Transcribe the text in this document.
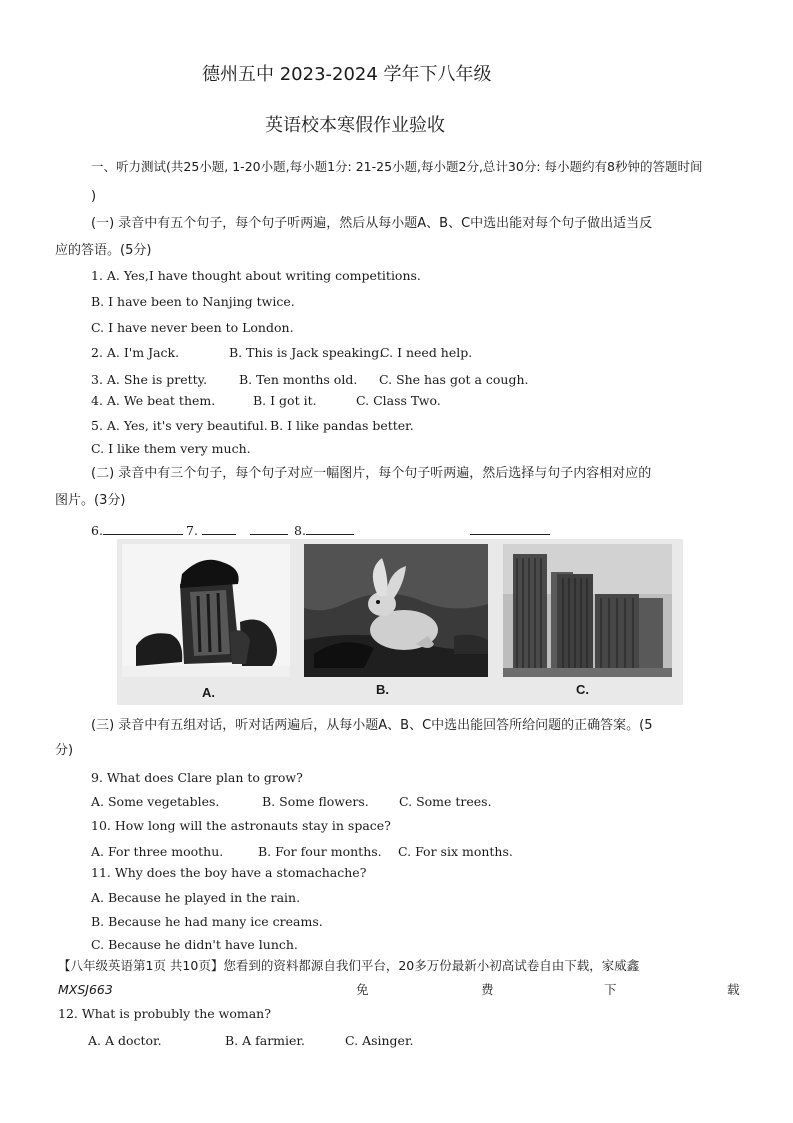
德州五中 2023-2024 学年下八年级
英语校本寒假作业验收
一、听力测试(共25小题, 1-20小题,每小题1分: 21-25小题,每小题2分,总计30分: 每小题约有8秒钟的答题时间
)
(一) 录音中有五个句子，每个句子听两遍，然后从每小题A、B、C中选出能对每个句子做出适当反
应的答语。(5分)
1. A. Yes,I have thought about writing competitions.
B. I have been to Nanjing twice.
C. I have never been to London.
2. A. I'm Jack.	B. This is Jack speaking.
C. I need help.
3. A. She is pretty.	B. Ten months old. C. She has got a cough.
4. A. We beat them.	B. I got it.	C. Class Two.
5. A. Yes, it's very beautiful. B. I like pandas better.
C. I like them very much.
(二) 录音中有三个句子，每个句子对应一幅图片，每个句子听两遍，然后选择与句子内容相对应的
图片。(3分)
6.	7.	8.
A.	B.	C.
(三) 录音中有五组对话，听对话两遍后，从每小题A、B、C中选出能回答所给问题的正确答案。(5
分)
9. What does Clare plan to grow?
A. Some vegetables.	B. Some flowers. C. Some trees.
10. How long will the astronauts stay in space?
A. For three moothu.	B. For four months. C. For six months.
11. Why does the boy have a stomachache?
A. Because he played in the rain.
B. Because he had many ice creams.
C. Because he didn't have lunch.
【八年级英语第1页 共10页】您看到的资料都源自我们平台，20多万份最新小初高试卷自由下载，家威鑫
MXSJ663	免	费	下	载
12. What is probubly the woman?
A. A doctor.	B. A farmier.	C. Asinger.
